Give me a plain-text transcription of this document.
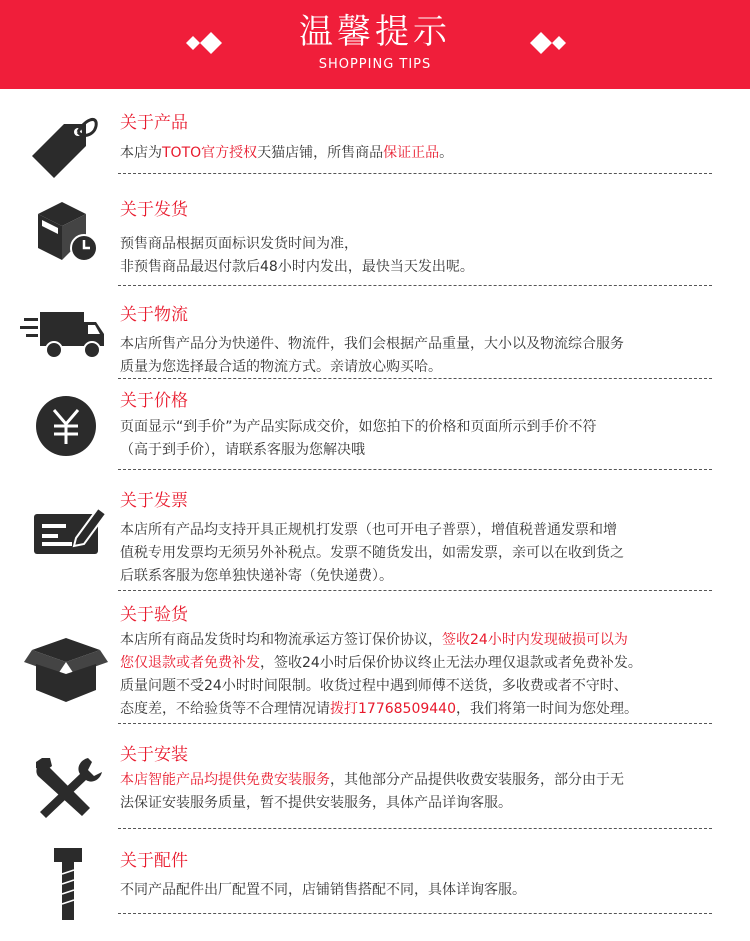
温馨提示
SHOPPING TIPS
关于产品
本店为TOTO官方授权天猫店铺，所售商品保证正品。
关于发货
预售商品根据页面标识发货时间为准，
非预售商品最迟付款后48小时内发出，最快当天发出呢。
关于物流
本店所售产品分为快递件、物流件，我们会根据产品重量，大小以及物流综合服务
质量为您选择最合适的物流方式。亲请放心购买哈。
关于价格
页面显示“到手价”为产品实际成交价，如您拍下的价格和页面所示到手价不符
（高于到手价），请联系客服为您解决哦
关于发票
本店所有产品均支持开具正规机打发票（也可开电子普票），增值税普通发票和增
值税专用发票均无须另外补税点。发票不随货发出，如需发票，亲可以在收到货之
后联系客服为您单独快递补寄（免快递费）。
关于验货
本店所有商品发货时均和物流承运方签订保价协议，签收24小时内发现破损可以为
您仅退款或者免费补发，签收24小时后保价协议终止无法办理仅退款或者免费补发。
质量问题不受24小时时间限制。收货过程中遇到师傅不送货，多收费或者不守时、
态度差，不给验货等不合理情况请拨打17768509440，我们将第一时间为您处理。
关于安装
本店智能产品均提供免费安装服务，其他部分产品提供收费安装服务，部分由于无
法保证安装服务质量，暂不提供安装服务，具体产品详询客服。
关于配件
不同产品配件出厂配置不同，店铺销售搭配不同，具体详询客服。
